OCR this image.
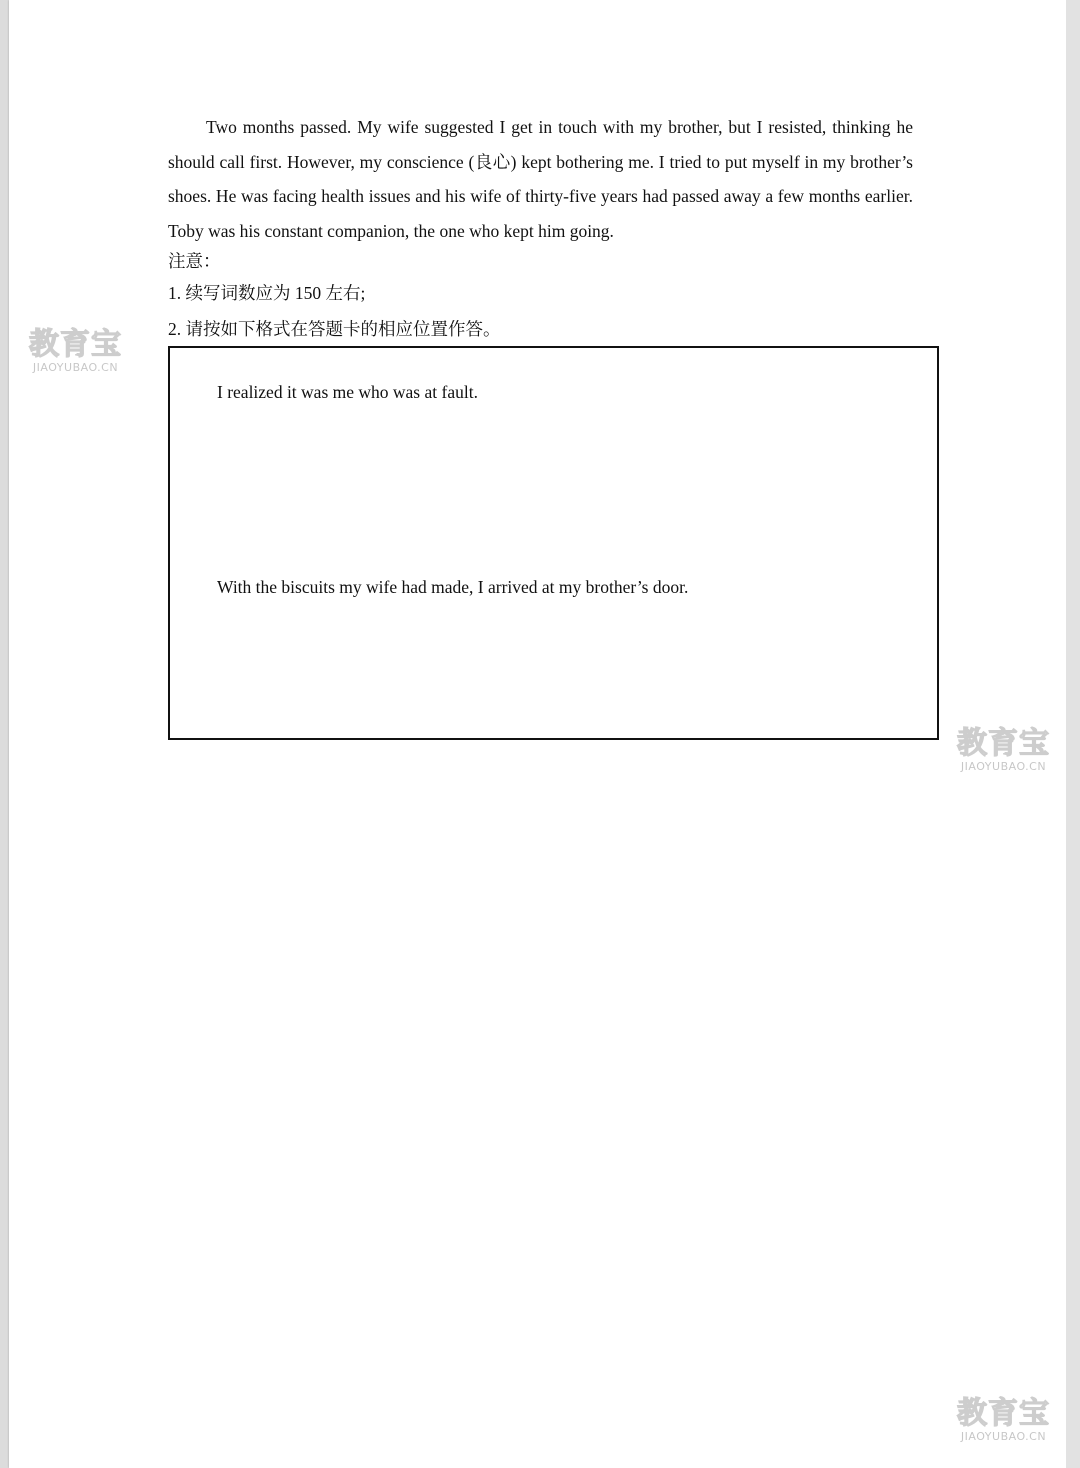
Two months passed. My wife suggested I get in touch with my brother, but I resisted, thinking he should call first. However, my conscience (良心) kept bothering me. I tried to put myself in my brother’s shoes. He was facing health issues and his wife of thirty-five years had passed away a few months earlier. Toby was his constant companion, the one who kept him going.

注意：
1. 续写词数应为 150 左右;
2. 请按如下格式在答题卡的相应位置作答。
I realized it was me who was at fault.
With the biscuits my wife had made, I arrived at my brother’s door.
教育宝
JIAOYUBAO.CN
教育宝
JIAOYUBAO.CN
教育宝
JIAOYUBAO.CN
